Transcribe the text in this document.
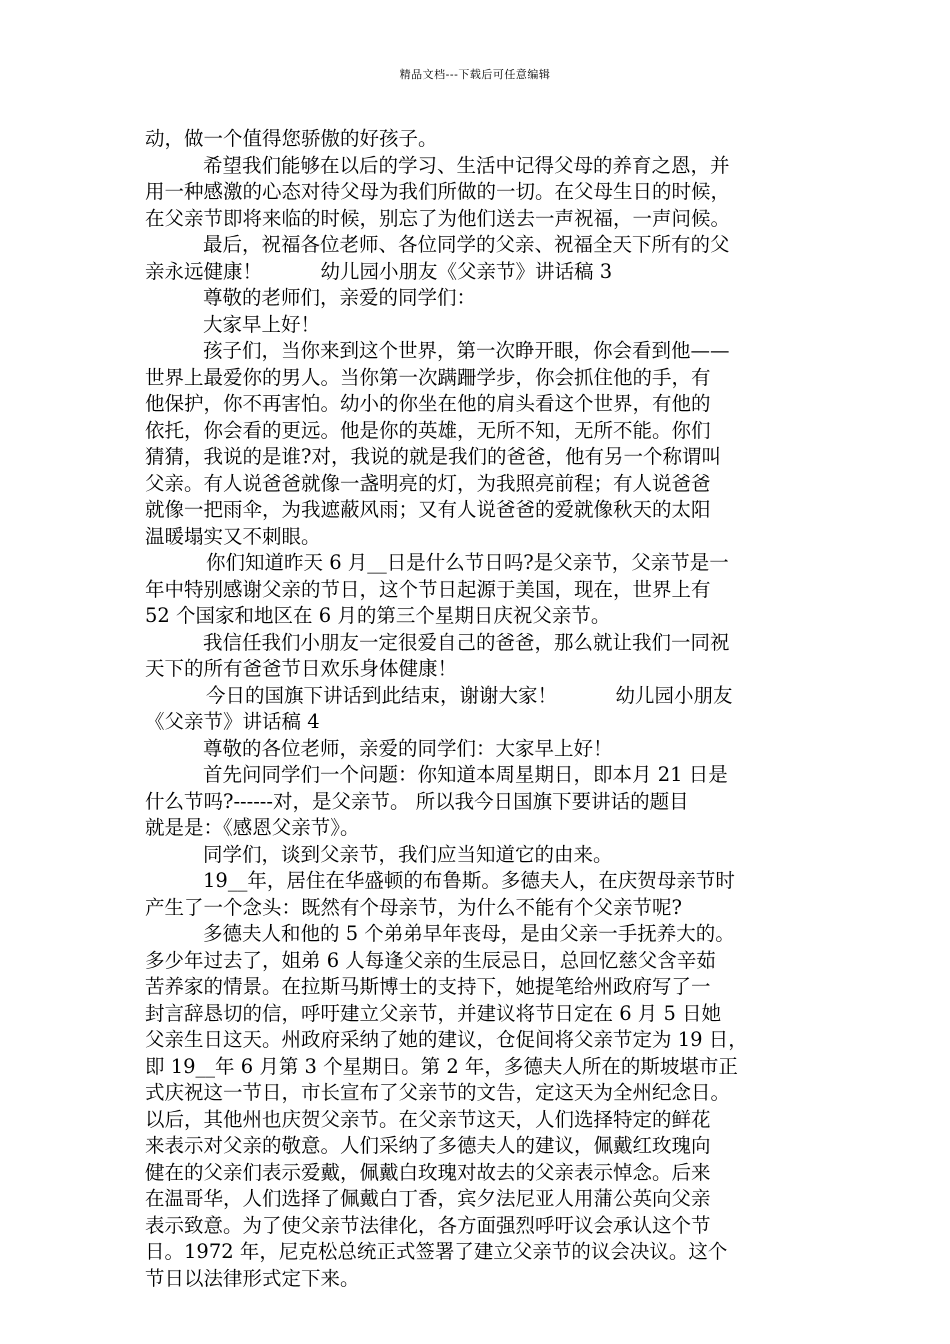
精品文档---下载后可任意编辑
动，做一个值得您骄傲的好孩子。
希望我们能够在以后的学习、生活中记得父母的养育之恩，并
用一种感激的心态对待父母为我们所做的一切。在父母生日的时候，
在父亲节即将来临的时候，别忘了为他们送去一声祝福，一声问候。
最后，祝福各位老师、各位同学的父亲、祝福全天下所有的父
亲永远健康！　　　幼儿园小朋友《父亲节》讲话稿 3
尊敬的老师们，亲爱的同学们：
大家早上好！
孩子们，当你来到这个世界，第一次睁开眼，你会看到他——
世界上最爱你的男人。当你第一次蹒跚学步，你会抓住他的手，有
他保护，你不再害怕。幼小的你坐在他的肩头看这个世界，有他的
依托，你会看的更远。他是你的英雄，无所不知，无所不能。你们
猜猜，我说的是谁?对，我说的就是我们的爸爸，他有另一个称谓叫
父亲。有人说爸爸就像一盏明亮的灯，为我照亮前程；有人说爸爸
就像一把雨伞，为我遮蔽风雨；又有人说爸爸的爱就像秋天的太阳
温暖塌实又不刺眼。
你们知道昨天 6 月__日是什么节日吗?是父亲节，父亲节是一
年中特别感谢父亲的节日，这个节日起源于美国，现在，世界上有
52 个国家和地区在 6 月的第三个星期日庆祝父亲节。
我信任我们小朋友一定很爱自己的爸爸，那么就让我们一同祝
天下的所有爸爸节日欢乐身体健康！
今日的国旗下讲话到此结束，谢谢大家！　　　幼儿园小朋友
《父亲节》讲话稿 4
尊敬的各位老师，亲爱的同学们：大家早上好！
首先问同学们一个问题：你知道本周星期日，即本月 21 日是
什么节吗?------对，是父亲节。 所以我今日国旗下要讲话的题目
就是是：《感恩父亲节》。
同学们，谈到父亲节，我们应当知道它的由来。
19__年，居住在华盛顿的布鲁斯。多德夫人，在庆贺母亲节时
产生了一个念头：既然有个母亲节，为什么不能有个父亲节呢?
多德夫人和他的 5 个弟弟早年丧母，是由父亲一手抚养大的。
多少年过去了，姐弟 6 人每逢父亲的生辰忌日，总回忆慈父含辛茹
苦养家的情景。在拉斯马斯博士的支持下，她提笔给州政府写了一
封言辞恳切的信，呼吁建立父亲节，并建议将节日定在 6 月 5 日她
父亲生日这天。州政府采纳了她的建议，仓促间将父亲节定为 19 日，
即 19__年 6 月第 3 个星期日。第 2 年，多德夫人所在的斯坡堪市正
式庆祝这一节日，市长宣布了父亲节的文告，定这天为全州纪念日。
以后，其他州也庆贺父亲节。在父亲节这天，人们选择特定的鲜花
来表示对父亲的敬意。人们采纳了多德夫人的建议，佩戴红玫瑰向
健在的父亲们表示爱戴，佩戴白玫瑰对故去的父亲表示悼念。后来
在温哥华，人们选择了佩戴白丁香，宾夕法尼亚人用蒲公英向父亲
表示致意。为了使父亲节法律化，各方面强烈呼吁议会承认这个节
日。1972 年，尼克松总统正式签署了建立父亲节的议会决议。这个
节日以法律形式定下来。
